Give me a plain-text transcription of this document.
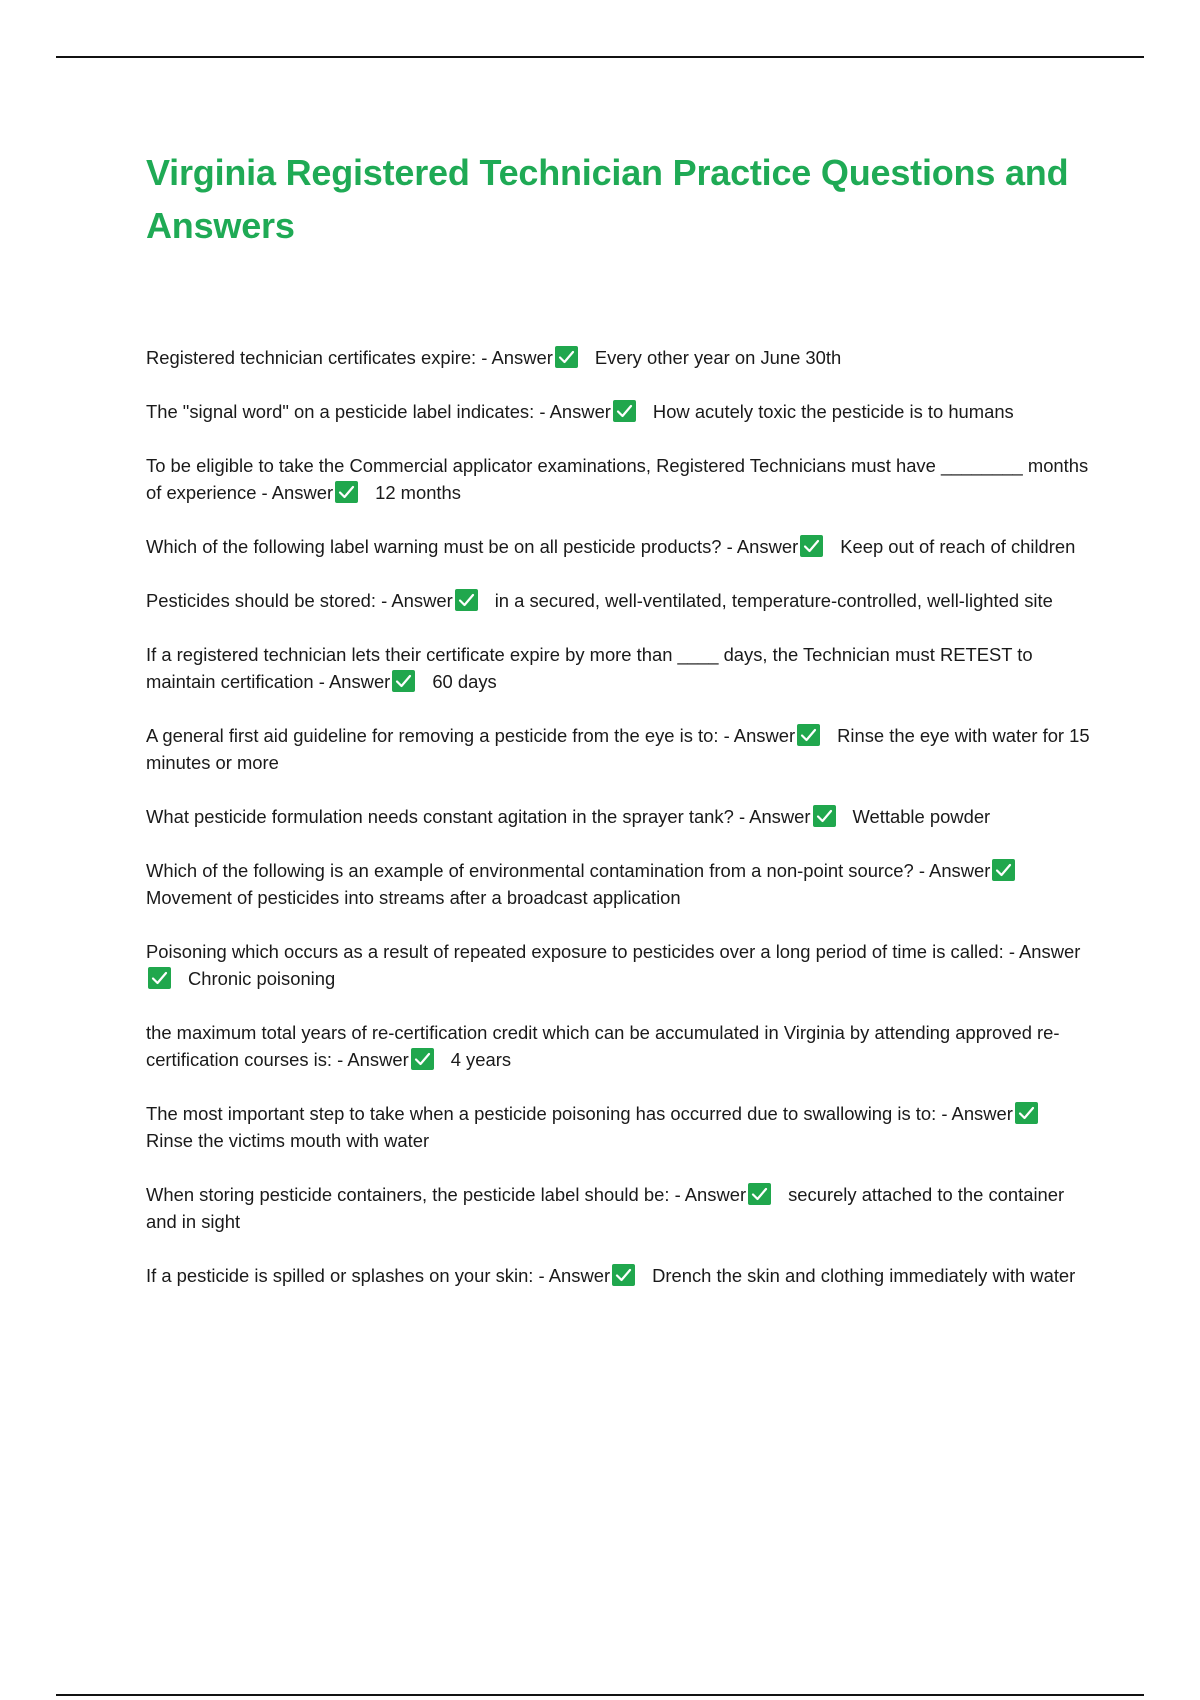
Virginia Registered Technician Practice Questions and Answers

Registered technician certificates expire: - Answer Every other year on June 30th

The "signal word" on a pesticide label indicates: - Answer How acutely toxic the pesticide is to humans

To be eligible to take the Commercial applicator examinations, Registered Technicians must have ________ months of experience - Answer 12 months

Which of the following label warning must be on all pesticide products? - Answer Keep out of reach of children

Pesticides should be stored: - Answer in a secured, well-ventilated, temperature-controlled, well-lighted site

If a registered technician lets their certificate expire by more than ____ days, the Technician must RETEST to maintain certification - Answer 60 days

A general first aid guideline for removing a pesticide from the eye is to: - Answer Rinse the eye with water for 15 minutes or more

What pesticide formulation needs constant agitation in the sprayer tank? - Answer Wettable powder

Which of the following is an example of environmental contamination from a non-point source? - Answer
Movement of pesticides into streams after a broadcast application

Poisoning which occurs as a result of repeated exposure to pesticides over a long period of time is called: - Answer
Chronic poisoning

the maximum total years of re-certification credit which can be accumulated in Virginia by attending approved re-certification courses is: - Answer 4 years

The most important step to take when a pesticide poisoning has occurred due to swallowing is to: - Answer
Rinse the victims mouth with water

When storing pesticide containers, the pesticide label should be: - Answer securely attached to the container and in sight

If a pesticide is spilled or splashes on your skin: - Answer Drench the skin and clothing immediately with water
